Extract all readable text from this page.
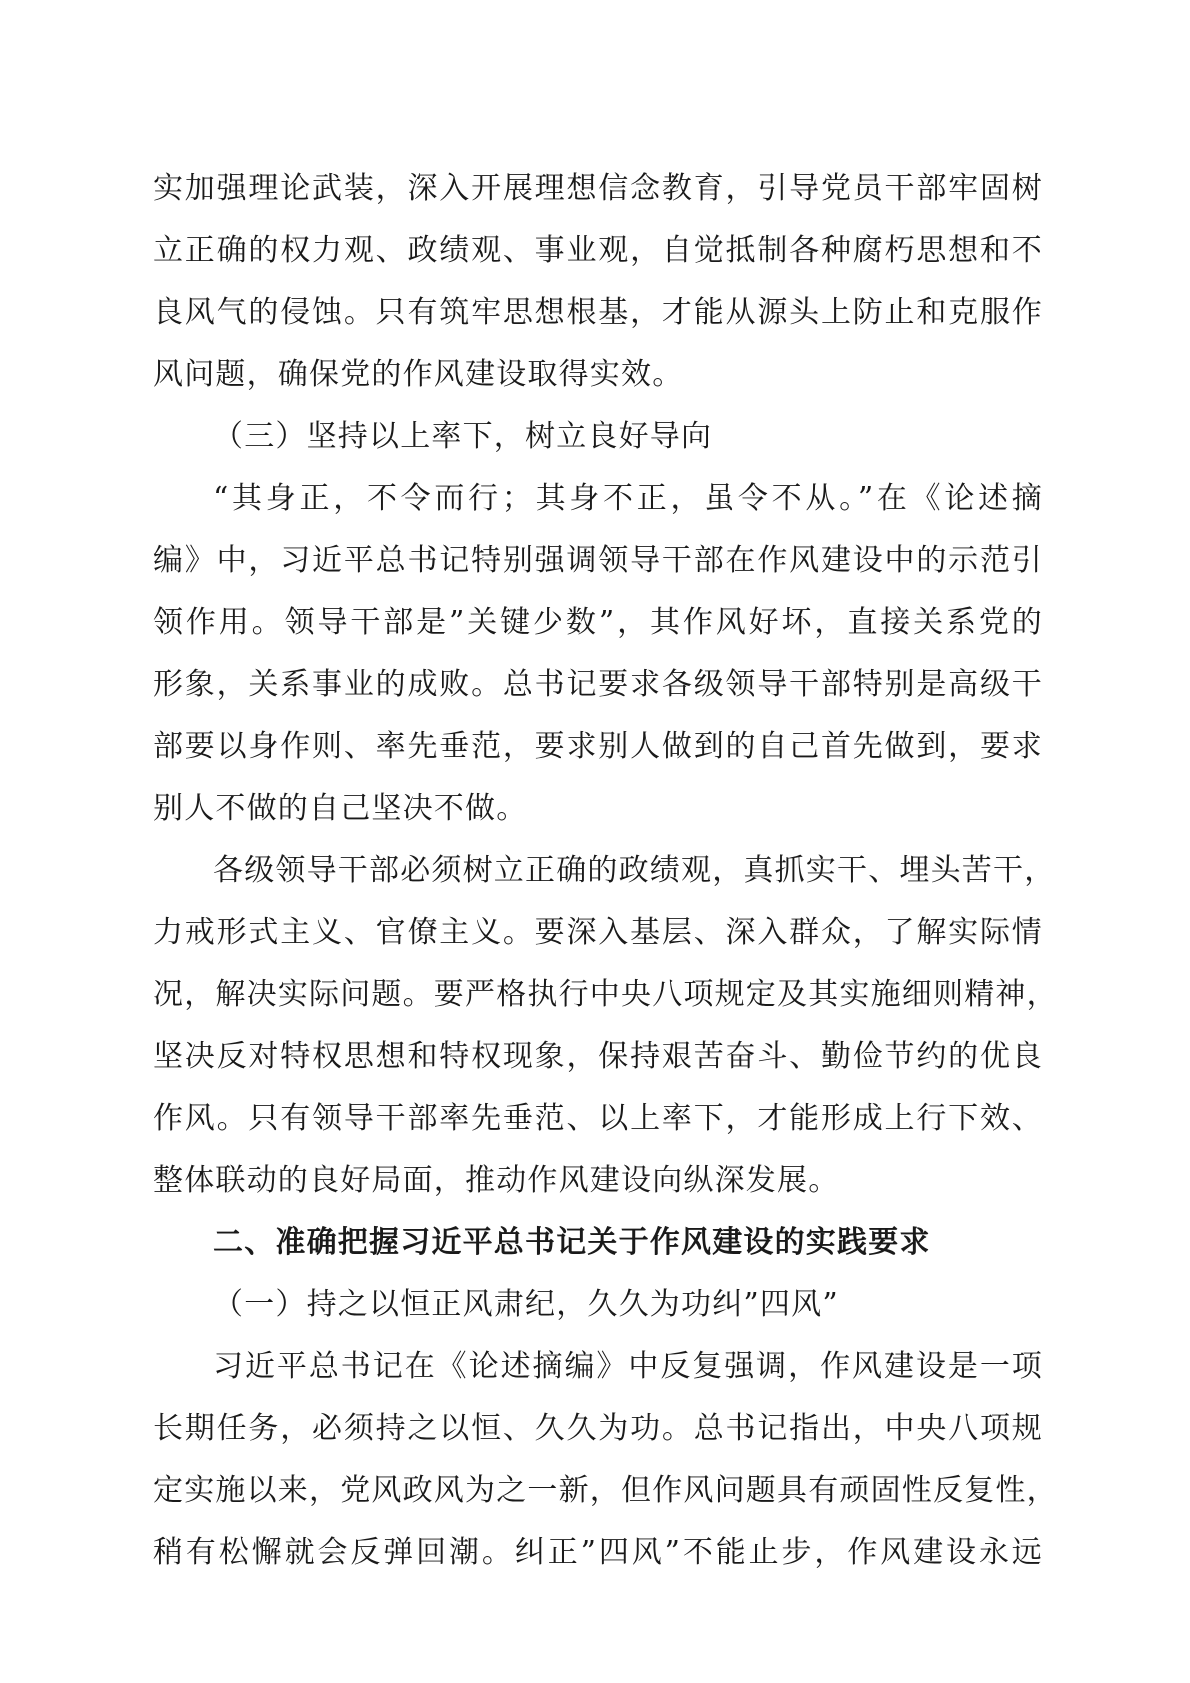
实加强理论武装，深入开展理想信念教育，引导党员干部牢固树
立正确的权力观、政绩观、事业观，自觉抵制各种腐朽思想和不
良风气的侵蚀。只有筑牢思想根基，才能从源头上防止和克服作
风问题，确保党的作风建设取得实效。
（三）坚持以上率下，树立良好导向
“其身正，不令而行；其身不正，虽令不从。”在《论述摘
编》中，习近平总书记特别强调领导干部在作风建设中的示范引
领作用。领导干部是”关键少数”，其作风好坏，直接关系党的
形象，关系事业的成败。总书记要求各级领导干部特别是高级干
部要以身作则、率先垂范，要求别人做到的自己首先做到，要求
别人不做的自己坚决不做。
各级领导干部必须树立正确的政绩观，真抓实干、埋头苦干，
力戒形式主义、官僚主义。要深入基层、深入群众，了解实际情
况，解决实际问题。要严格执行中央八项规定及其实施细则精神，
坚决反对特权思想和特权现象，保持艰苦奋斗、勤俭节约的优良
作风。只有领导干部率先垂范、以上率下，才能形成上行下效、
整体联动的良好局面，推动作风建设向纵深发展。
二、准确把握习近平总书记关于作风建设的实践要求
（一）持之以恒正风肃纪，久久为功纠”四风”
习近平总书记在《论述摘编》中反复强调，作风建设是一项
长期任务，必须持之以恒、久久为功。总书记指出，中央八项规
定实施以来，党风政风为之一新，但作风问题具有顽固性反复性，
稍有松懈就会反弹回潮。纠正”四风”不能止步，作风建设永远
